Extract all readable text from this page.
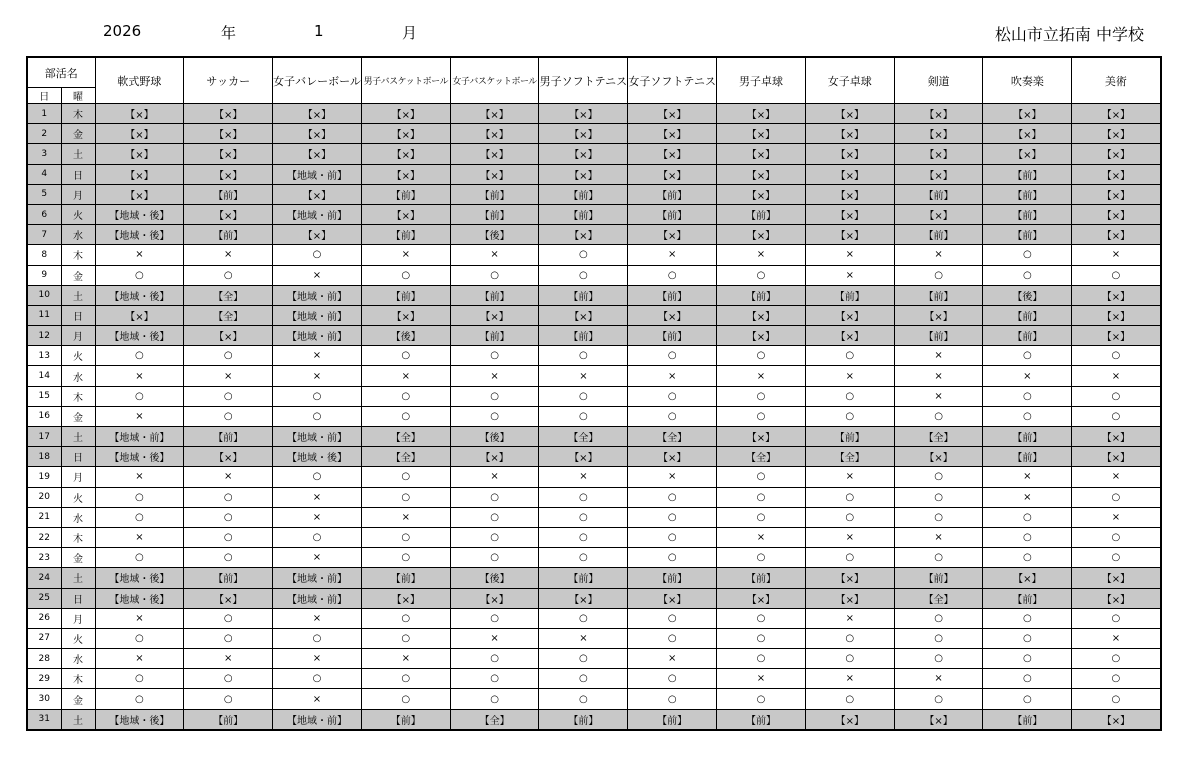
2026	年	1	月	松山市立拓南 中学校
部活名		軟式野球	サッカー	女子バレーボール	男子バスケットボール	女子バスケットボール	男子ソフトテニス	女子ソフトテニス	男子卓球	女子卓球	剣道	吹奏楽	美術
日	曜												
1	木	【×】	【×】	【×】	【×】	【×】	【×】	【×】	【×】	【×】	【×】	【×】	【×】
2	金	【×】	【×】	【×】	【×】	【×】	【×】	【×】	【×】	【×】	【×】	【×】	【×】
3	土	【×】	【×】	【×】	【×】	【×】	【×】	【×】	【×】	【×】	【×】	【×】	【×】
4	日	【×】	【×】	【地域・前】	【×】	【×】	【×】	【×】	【×】	【×】	【×】	【前】	【×】
5	月	【×】	【前】	【×】	【前】	【前】	【前】	【前】	【×】	【×】	【前】	【前】	【×】
6	火	【地域・後】	【×】	【地域・前】	【×】	【前】	【前】	【前】	【前】	【×】	【×】	【前】	【×】
7	水	【地域・後】	【前】	【×】	【前】	【後】	【×】	【×】	【×】	【×】	【前】	【前】	【×】
8	木	×	×	○	×	×	○	×	×	×	×	○	×
9	金	○	○	×	○	○	○	○	○	×	○	○	○
10	土	【地域・後】	【全】	【地域・前】	【前】	【前】	【前】	【前】	【前】	【前】	【前】	【後】	【×】
11	日	【×】	【全】	【地域・前】	【×】	【×】	【×】	【×】	【×】	【×】	【×】	【前】	【×】
12	月	【地域・後】	【×】	【地域・前】	【後】	【前】	【前】	【前】	【×】	【×】	【前】	【前】	【×】
13	火	○	○	×	○	○	○	○	○	○	×	○	○
14	水	×	×	×	×	×	×	×	×	×	×	×	×
15	木	○	○	○	○	○	○	○	○	○	×	○	○
16	金	×	○	○	○	○	○	○	○	○	○	○	○
17	土	【地域・前】	【前】	【地域・前】	【全】	【後】	【全】	【全】	【×】	【前】	【全】	【前】	【×】
18	日	【地域・後】	【×】	【地域・後】	【全】	【×】	【×】	【×】	【全】	【全】	【×】	【前】	【×】
19	月	×	×	○	○	×	×	×	○	×	○	×	×
20	火	○	○	×	○	○	○	○	○	○	○	×	○
21	水	○	○	×	×	○	○	○	○	○	○	○	×
22	木	×	○	○	○	○	○	○	×	×	×	○	○
23	金	○	○	×	○	○	○	○	○	○	○	○	○
24	土	【地域・後】	【前】	【地域・前】	【前】	【後】	【前】	【前】	【前】	【×】	【前】	【×】	【×】
25	日	【地域・後】	【×】	【地域・前】	【×】	【×】	【×】	【×】	【×】	【×】	【全】	【前】	【×】
26	月	×	○	×	○	○	○	○	○	×	○	○	○
27	火	○	○	○	○	×	×	○	○	○	○	○	×
28	水	×	×	×	×	○	○	×	○	○	○	○	○
29	木	○	○	○	○	○	○	○	×	×	×	○	○
30	金	○	○	×	○	○	○	○	○	○	○	○	○
31	土	【地域・後】	【前】	【地域・前】	【前】	【全】	【前】	【前】	【前】	【×】	【×】	【前】	【×】
